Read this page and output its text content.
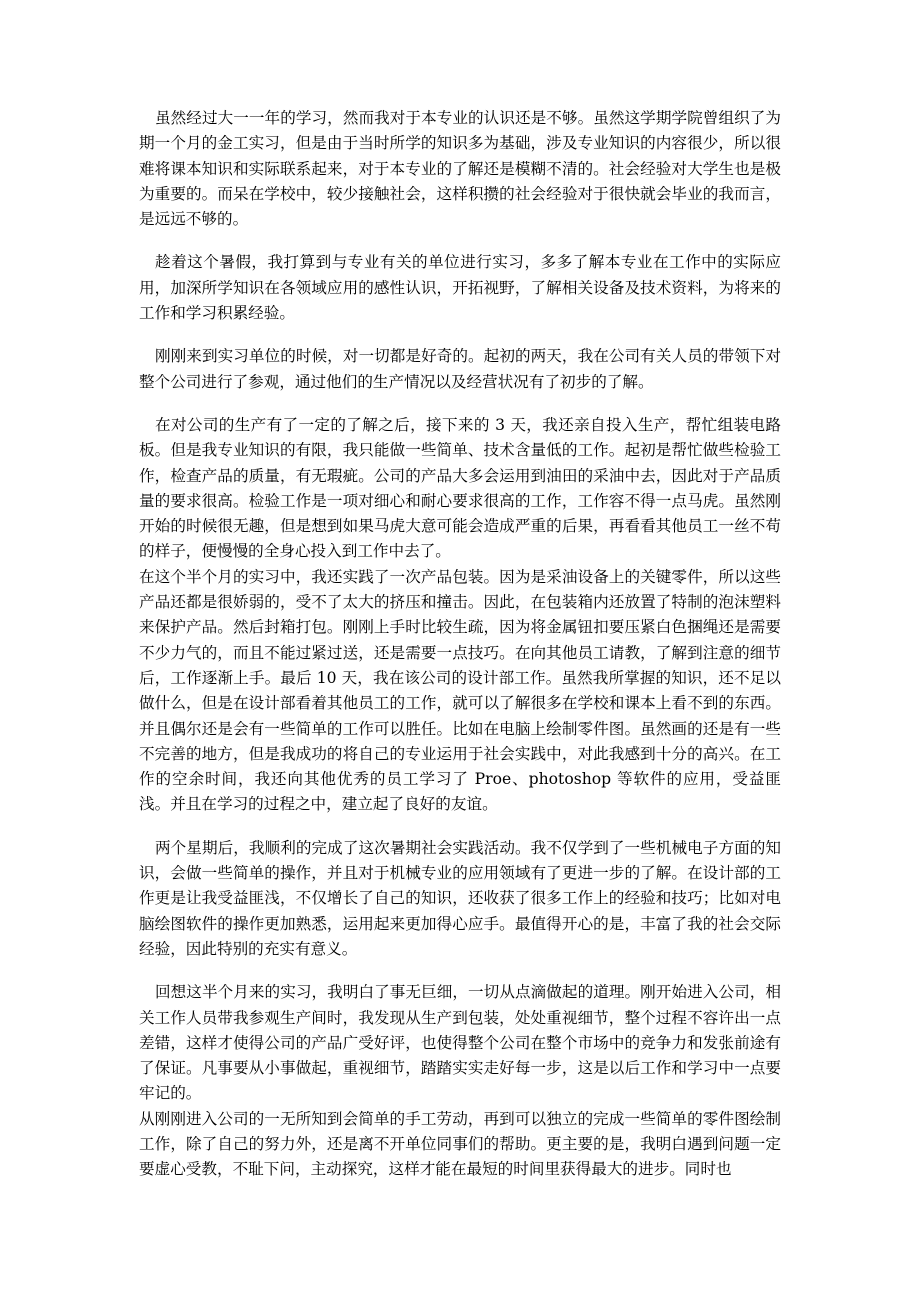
虽然经过大一一年的学习，然而我对于本专业的认识还是不够。虽然这学期学院曾组织了为期一个月的金工实习，但是由于当时所学的知识多为基础，涉及专业知识的内容很少，所以很难将课本知识和实际联系起来，对于本专业的了解还是模糊不清的。社会经验对大学生也是极为重要的。而呆在学校中，较少接触社会，这样积攒的社会经验对于很快就会毕业的我而言，是远远不够的。

趁着这个暑假，我打算到与专业有关的单位进行实习，多多了解本专业在工作中的实际应用，加深所学知识在各领域应用的感性认识，开拓视野，了解相关设备及技术资料，为将来的工作和学习积累经验。

刚刚来到实习单位的时候，对一切都是好奇的。起初的两天，我在公司有关人员的带领下对整个公司进行了参观，通过他们的生产情况以及经营状况有了初步的了解。

在对公司的生产有了一定的了解之后，接下来的 3 天，我还亲自投入生产，帮忙组装电路板。但是我专业知识的有限，我只能做一些简单、技术含量低的工作。起初是帮忙做些检验工作，检查产品的质量，有无瑕疵。公司的产品大多会运用到油田的采油中去，因此对于产品质量的要求很高。检验工作是一项对细心和耐心要求很高的工作，工作容不得一点马虎。虽然刚开始的时候很无趣，但是想到如果马虎大意可能会造成严重的后果，再看看其他员工一丝不苟的样子，便慢慢的全身心投入到工作中去了。

在这个半个月的实习中，我还实践了一次产品包装。因为是采油设备上的关键零件，所以这些产品还都是很娇弱的，受不了太大的挤压和撞击。因此，在包装箱内还放置了特制的泡沫塑料来保护产品。然后封箱打包。刚刚上手时比较生疏，因为将金属钮扣要压紧白色捆绳还是需要不少力气的，而且不能过紧过送，还是需要一点技巧。在向其他员工请教，了解到注意的细节后，工作逐渐上手。最后 10 天，我在该公司的设计部工作。虽然我所掌握的知识，还不足以做什么，但是在设计部看着其他员工的工作，就可以了解很多在学校和课本上看不到的东西。并且偶尔还是会有一些简单的工作可以胜任。比如在电脑上绘制零件图。虽然画的还是有一些不完善的地方，但是我成功的将自己的专业运用于社会实践中，对此我感到十分的高兴。在工作的空余时间，我还向其他优秀的员工学习了 Proe、photoshop 等软件的应用，受益匪浅。并且在学习的过程之中，建立起了良好的友谊。

两个星期后，我顺利的完成了这次暑期社会实践活动。我不仅学到了一些机械电子方面的知识，会做一些简单的操作，并且对于机械专业的应用领域有了更进一步的了解。在设计部的工作更是让我受益匪浅，不仅增长了自己的知识，还收获了很多工作上的经验和技巧；比如对电脑绘图软件的操作更加熟悉，运用起来更加得心应手。最值得开心的是，丰富了我的社会交际经验，因此特别的充实有意义。

回想这半个月来的实习，我明白了事无巨细，一切从点滴做起的道理。刚开始进入公司，相关工作人员带我参观生产间时，我发现从生产到包装，处处重视细节，整个过程不容许出一点差错，这样才使得公司的产品广受好评，也使得整个公司在整个市场中的竞争力和发张前途有了保证。凡事要从小事做起，重视细节，踏踏实实走好每一步，这是以后工作和学习中一点要牢记的。

从刚刚进入公司的一无所知到会简单的手工劳动，再到可以独立的完成一些简单的零件图绘制工作，除了自己的努力外，还是离不开单位同事们的帮助。更主要的是，我明白遇到问题一定要虚心受教，不耻下问，主动探究，这样才能在最短的时间里获得最大的进步。同时也
